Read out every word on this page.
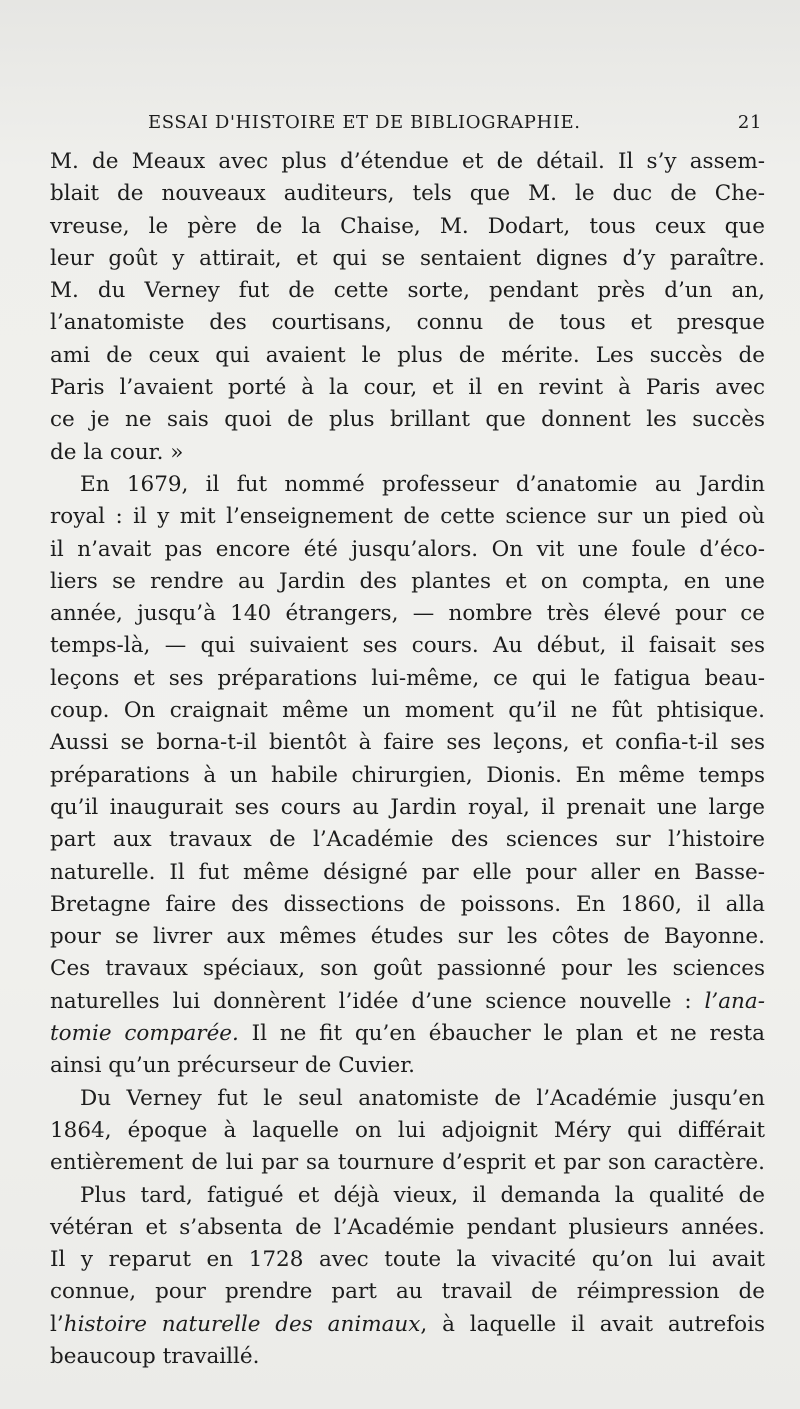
ESSAI D'HISTOIRE ET DE BIBLIOGRAPHIE.	21
M. de Meaux avec plus d’étendue et de détail. Il s’y assem-
blait de nouveaux auditeurs, tels que M. le duc de Che-
vreuse, le père de la Chaise, M. Dodart, tous ceux que
leur goût y attirait, et qui se sentaient dignes d’y paraître.
M. du Verney fut de cette sorte, pendant près d’un an,
l’anatomiste des courtisans, connu de tous et presque
ami de ceux qui avaient le plus de mérite. Les succès de
Paris l’avaient porté à la cour, et il en revint à Paris avec
ce je ne sais quoi de plus brillant que donnent les succès
de la cour. »
En 1679, il fut nommé professeur d’anatomie au Jardin
royal : il y mit l’enseignement de cette science sur un pied où
il n’avait pas encore été jusqu’alors. On vit une foule d’éco-
liers se rendre au Jardin des plantes et on compta, en une
année, jusqu’à 140 étrangers, — nombre très élevé pour ce
temps-là, — qui suivaient ses cours. Au début, il faisait ses
leçons et ses préparations lui-même, ce qui le fatigua beau-
coup. On craignait même un moment qu’il ne fût phtisique.
Aussi se borna-t-il bientôt à faire ses leçons, et confia-t-il ses
préparations à un habile chirurgien, Dionis. En même temps
qu’il inaugurait ses cours au Jardin royal, il prenait une large
part aux travaux de l’Académie des sciences sur l’histoire
naturelle. Il fut même désigné par elle pour aller en Basse-
Bretagne faire des dissections de poissons. En 1860, il alla
pour se livrer aux mêmes études sur les côtes de Bayonne.
Ces travaux spéciaux, son goût passionné pour les sciences
naturelles lui donnèrent l’idée d’une science nouvelle : l’ana-
tomie comparée. Il ne fit qu’en ébaucher le plan et ne resta
ainsi qu’un précurseur de Cuvier.
Du Verney fut le seul anatomiste de l’Académie jusqu’en
1864, époque à laquelle on lui adjoignit Méry qui différait
entièrement de lui par sa tournure d’esprit et par son caractère.
Plus tard, fatigué et déjà vieux, il demanda la qualité de
vétéran et s’absenta de l’Académie pendant plusieurs années.
Il y reparut en 1728 avec toute la vivacité qu’on lui avait
connue, pour prendre part au travail de réimpression de
l’histoire naturelle des animaux, à laquelle il avait autrefois
beaucoup travaillé.
